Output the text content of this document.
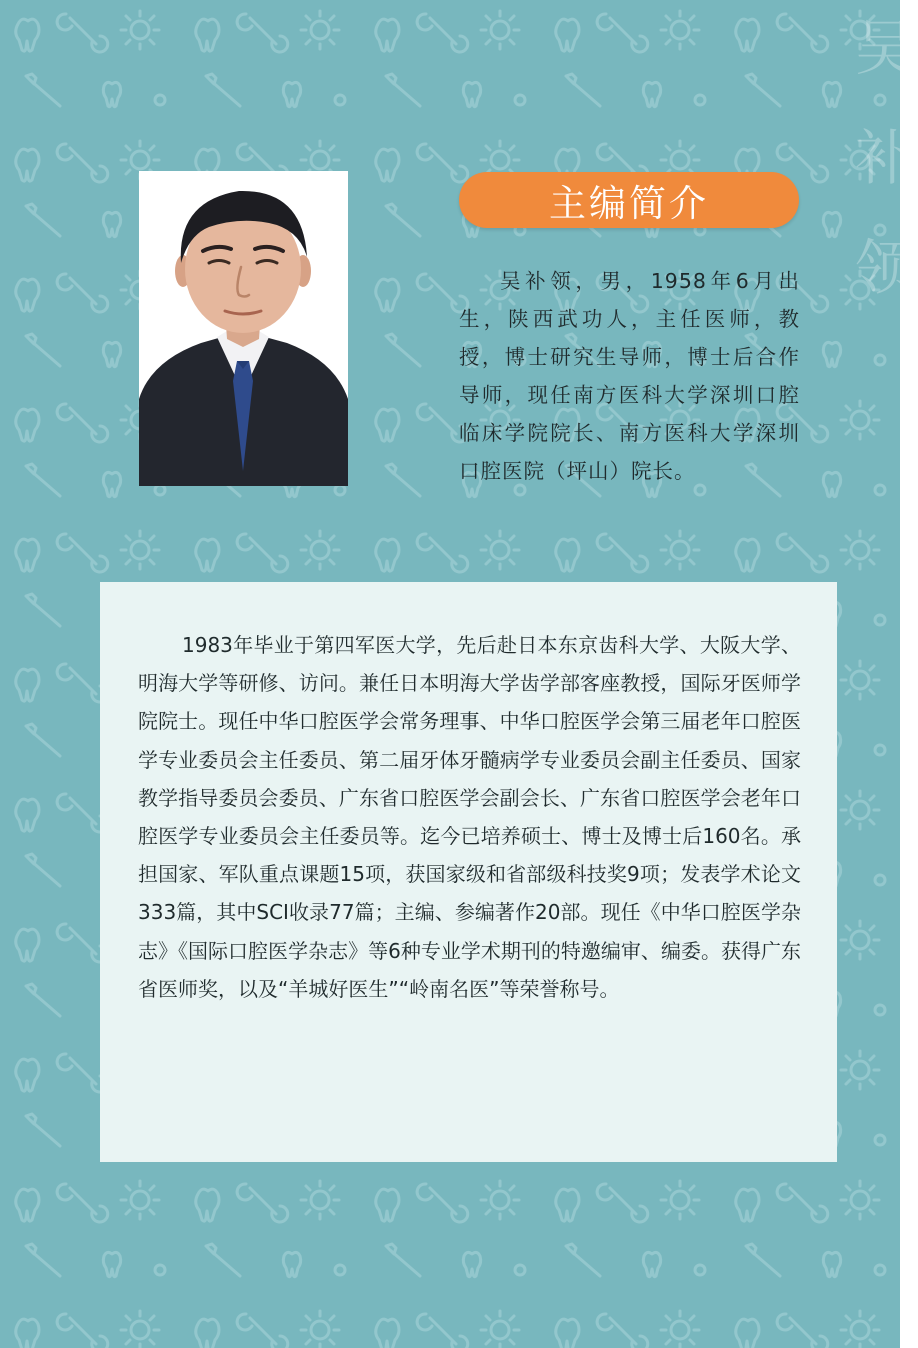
吴
补
领
主编简介

吴补领，男，1958年6月出生，陕西武功人，主任医师，教授，博士研究生导师，博士后合作导师，现任南方医科大学深圳口腔临床学院院长、南方医科大学深圳口腔医院（坪山）院长。

1983年毕业于第四军医大学，先后赴日本东京齿科大学、大阪大学、明海大学等研修、访问。兼任日本明海大学齿学部客座教授，国际牙医师学院院士。现任中华口腔医学会常务理事、中华口腔医学会第三届老年口腔医学专业委员会主任委员、第二届牙体牙髓病学专业委员会副主任委员、国家教学指导委员会委员、广东省口腔医学会副会长、广东省口腔医学会老年口腔医学专业委员会主任委员等。迄今已培养硕士、博士及博士后160名。承担国家、军队重点课题15项，获国家级和省部级科技奖9项；发表学术论文333篇，其中SCI收录77篇；主编、参编著作20部。现任《中华口腔医学杂志》《国际口腔医学杂志》等6种专业学术期刊的特邀编审、编委。获得广东省医师奖，以及“羊城好医生”“岭南名医”等荣誉称号。
